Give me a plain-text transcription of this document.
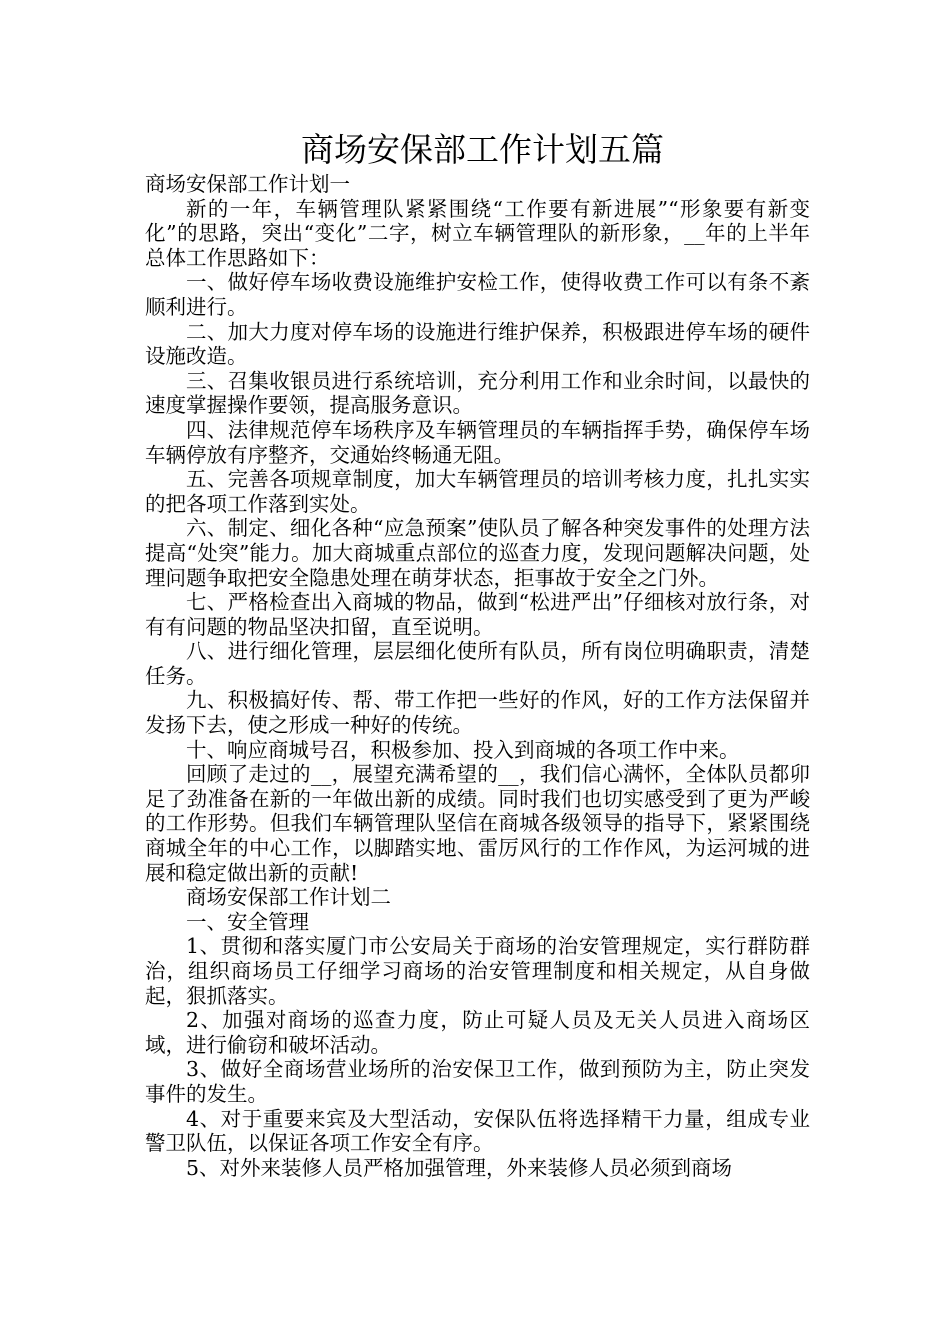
商场安保部工作计划五篇

商场安保部工作计划一

新的一年，车辆管理队紧紧围绕“工作要有新进展”“形象要有新变化”的思路，突出“变化”二字，树立车辆管理队的新形象，__年的上半年总体工作思路如下：

一、做好停车场收费设施维护安检工作，使得收费工作可以有条不紊顺利进行。

二、加大力度对停车场的设施进行维护保养，积极跟进停车场的硬件设施改造。

三、召集收银员进行系统培训，充分利用工作和业余时间，以最快的速度掌握操作要领，提高服务意识。

四、法律规范停车场秩序及车辆管理员的车辆指挥手势，确保停车场车辆停放有序整齐，交通始终畅通无阻。

五、完善各项规章制度，加大车辆管理员的培训考核力度，扎扎实实的把各项工作落到实处。

六、制定、细化各种“应急预案”使队员了解各种突发事件的处理方法提高“处突”能力。加大商城重点部位的巡查力度，发现问题解决问题，处理问题争取把安全隐患处理在萌芽状态，拒事故于安全之门外。

七、严格检查出入商城的物品，做到“松进严出”仔细核对放行条，对有有问题的物品坚决扣留，直至说明。

八、进行细化管理，层层细化使所有队员，所有岗位明确职责，清楚任务。

九、积极搞好传、帮、带工作把一些好的作风，好的工作方法保留并发扬下去，使之形成一种好的传统。

十、响应商城号召，积极参加、投入到商城的各项工作中来。

回顾了走过的__，展望充满希望的__，我们信心满怀，全体队员都卯足了劲准备在新的一年做出新的成绩。同时我们也切实感受到了更为严峻的工作形势。但我们车辆管理队坚信在商城各级领导的指导下，紧紧围绕商城全年的中心工作，以脚踏实地、雷厉风行的工作作风，为运河城的进展和稳定做出新的贡献!

商场安保部工作计划二

一、安全管理

1、贯彻和落实厦门市公安局关于商场的治安管理规定，实行群防群治，组织商场员工仔细学习商场的治安管理制度和相关规定，从自身做起，狠抓落实。

2、加强对商场的巡查力度，防止可疑人员及无关人员进入商场区域，进行偷窃和破坏活动。

3、做好全商场营业场所的治安保卫工作，做到预防为主，防止突发事件的发生。

4、对于重要来宾及大型活动，安保队伍将选择精干力量，组成专业警卫队伍，以保证各项工作安全有序。

5、对外来装修人员严格加强管理，外来装修人员必须到商场
